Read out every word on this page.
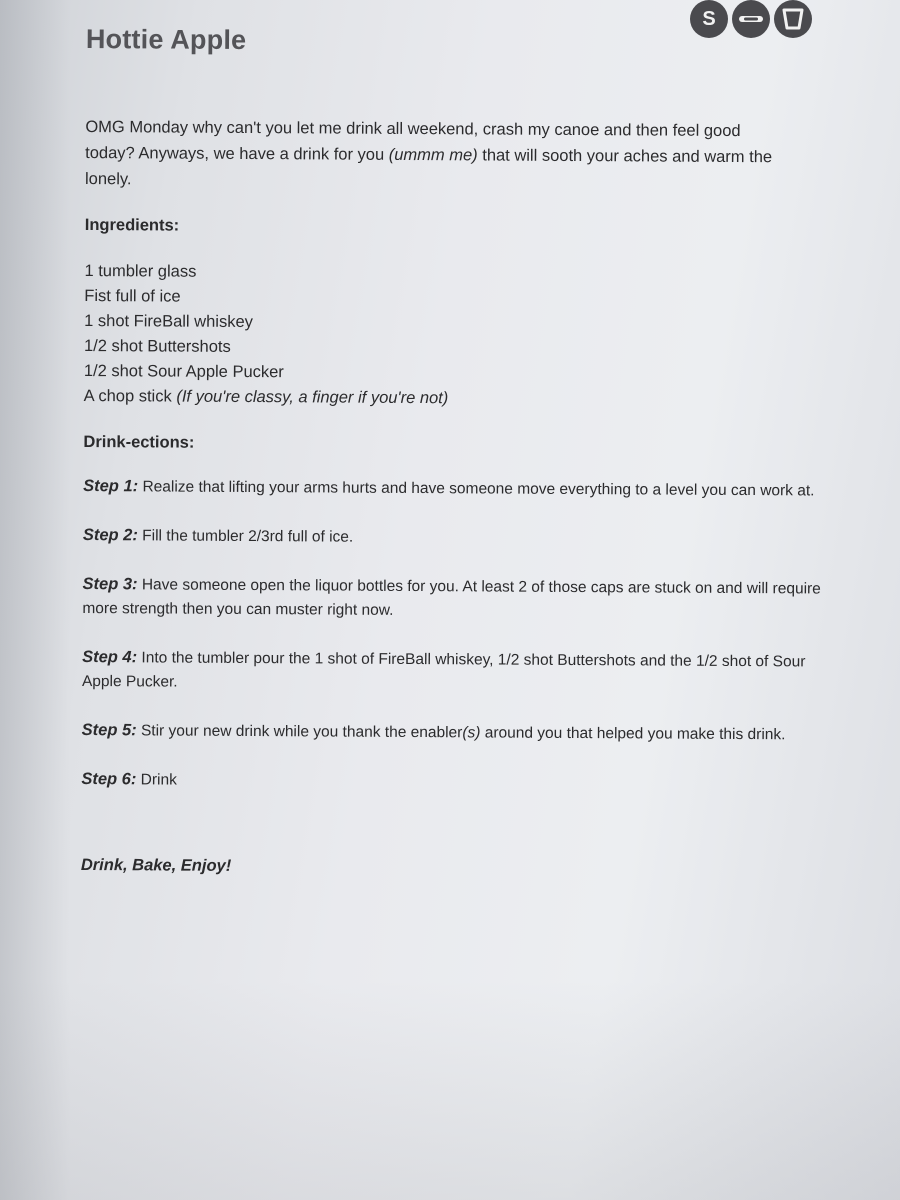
S
Hottie Apple
OMG Monday why can't you let me drink all weekend, crash my canoe and then feel good today? Anyways, we have a drink for you (ummm me) that will sooth your aches and warm the lonely.
Ingredients:
1 tumbler glass
Fist full of ice
1 shot FireBall whiskey
1/2 shot Buttershots
1/2 shot Sour Apple Pucker
A chop stick (If you're classy, a finger if you're not)
Drink-ections:
Step 1: Realize that lifting your arms hurts and have someone move everything to a level you can work at.
Step 2: Fill the tumbler 2/3rd full of ice.
Step 3: Have someone open the liquor bottles for you. At least 2 of those caps are stuck on and will require more strength then you can muster right now.
Step 4: Into the tumbler pour the 1 shot of FireBall whiskey, 1/2 shot Buttershots and the 1/2 shot of Sour Apple Pucker.
Step 5: Stir your new drink while you thank the enabler(s) around you that helped you make this drink.
Step 6: Drink
Drink, Bake, Enjoy!
